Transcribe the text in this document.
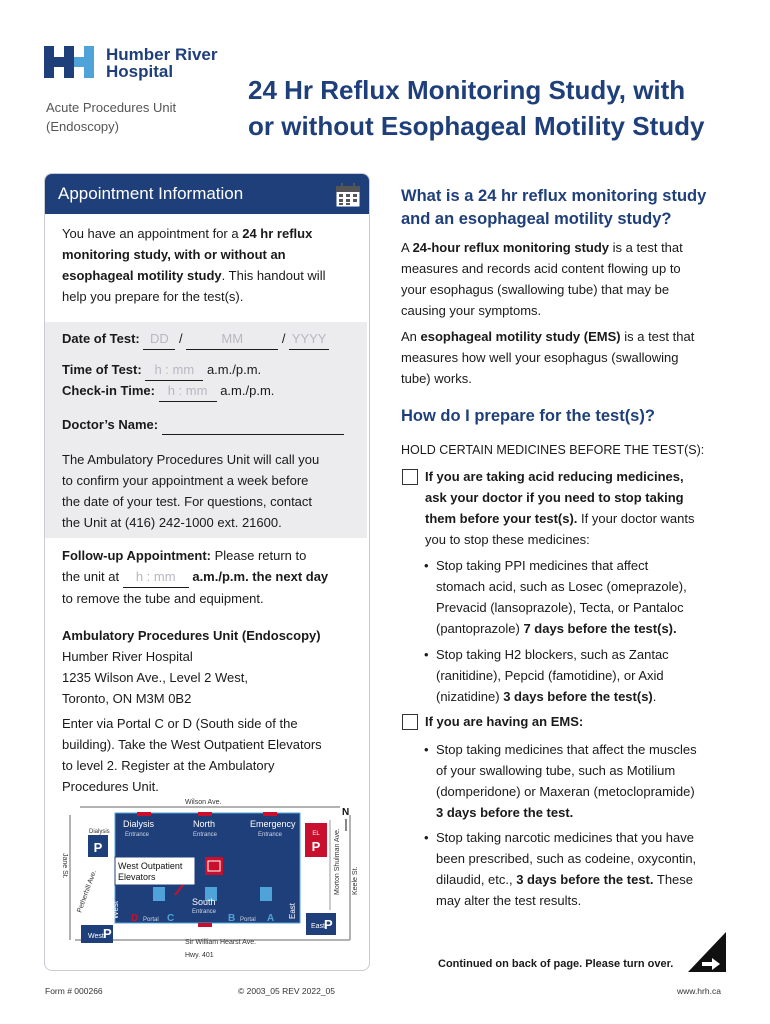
Humber River
Hospital
Acute Procedures Unit
(Endoscopy)
24 Hr Reflux Monitoring Study, with
or without Esophageal Motility Study
Appointment Information
You have an appointment for a 24 hr reflux
monitoring study, with or without an
esophageal motility study. This handout will
help you prepare for the test(s).
Date of Test: DD /	MM	/ YYYY
Time of Test: h : mm a.m./p.m.
Check-in Time: h : mm a.m./p.m.
Doctor’s Name:
The Ambulatory Procedures Unit will call you
to confirm your appointment a week before
the date of your test. For questions, contact
the Unit at (416) 242-1000 ext. 21600.
Follow-up Appointment: Please return to
the unit at h : mm a.m./p.m. the next day
to remove the tube and equipment.
Ambulatory Procedures Unit (Endoscopy)
Humber River Hospital
1235 Wilson Ave., Level 2 West,
Toronto, ON M3M 0B2
Enter via Portal C or D (South side of the
building). Take the West Outpatient Elevators
to level 2. Register at the Ambulatory
Procedures Unit.
P
EL
P
West P	East
P
Dialysis
Entrance
North
Entrance
Emergency
Entrance
Dialysis
West Outpatient
Elevators
South
Entrance
West	East
D Portal C	B Portal A
Wilson Ave.
Sir William Hearst Ave.
Hwy. 401
Jane St.
Petherhill Ave.	Morton Shulman Ave. Keele St.
N
What is a 24 hr reflux monitoring study
and an esophageal motility study?
A 24-hour reflux monitoring study is a test that
measures and records acid content flowing up to
your esophagus (swallowing tube) that may be
causing your symptoms.
An esophageal motility study (EMS) is a test that
measures how well your esophagus (swallowing
tube) works.
How do I prepare for the test(s)?
HOLD CERTAIN MEDICINES BEFORE THE TEST(S):
If you are taking acid reducing medicines,
ask your doctor if you need to stop taking
them before your test(s). If your doctor wants
you to stop these medicines:
• Stop taking PPI medicines that affect
stomach acid, such as Losec (omeprazole),
Prevacid (lansoprazole), Tecta, or Pantaloc
(pantoprazole) 7 days before the test(s).
• Stop taking H2 blockers, such as Zantac
(ranitidine), Pepcid (famotidine), or Axid
(nizatidine) 3 days before the test(s).
If you are having an EMS:
• Stop taking medicines that affect the muscles
of your swallowing tube, such as Motilium
(domperidone) or Maxeran (metoclopramide)
3 days before the test.
• Stop taking narcotic medicines that you have
been prescribed, such as codeine, oxycontin,
dilaudid, etc., 3 days before the test. These
may alter the test results.
Continued on back of page. Please turn over.
Form # 000266	© 2003_05 REV 2022_05	www.hrh.ca
